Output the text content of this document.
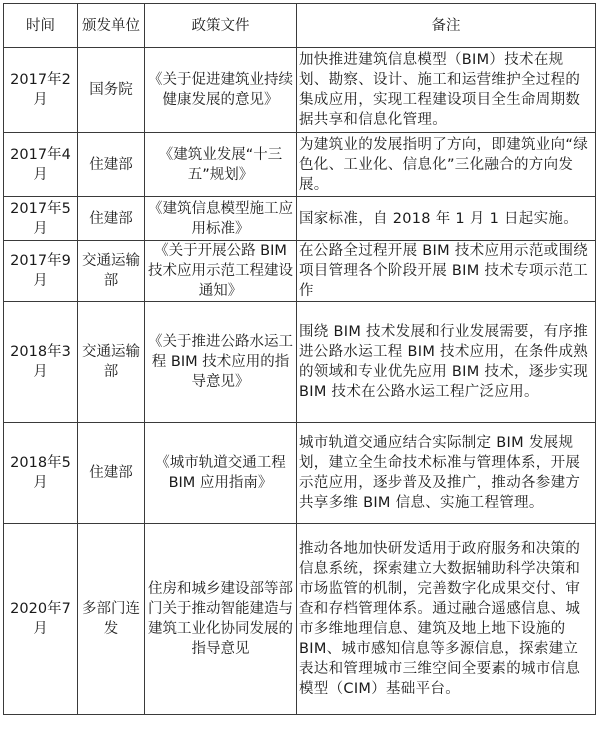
时间	颁发单位	政策文件	备注
2017年2月	国务院	《关于促进建筑业持续健康发展的意见》	加快推进建筑信息模型（BIM）技术在规划、勘察、设计、施工和运营维护全过程的集成应用，实现工程建设项目全生命周期数据共享和信息化管理。
2017年4月	住建部	《建筑业发展“十三五”规划》	为建筑业的发展指明了方向，即建筑业向“绿色化、工业化、信息化”三化融合的方向发展。
2017年5月	住建部	《建筑信息模型施工应用标准》	国家标准，自 2018 年 1 月 1 日起实施。
2017年9月	交通运输部	《关于开展公路 BIM 技术应用示范工程建设通知》	在公路全过程开展 BIM 技术应用示范或围绕项目管理各个阶段开展 BIM 技术专项示范工作
2018年3月	交通运输部	《关于推进公路水运工程 BIM 技术应用的指导意见》	围绕 BIM 技术发展和行业发展需要，有序推进公路水运工程 BIM 技术应用，在条件成熟的领域和专业优先应用 BIM 技术，逐步实现 BIM 技术在公路水运工程广泛应用。
2018年5月	住建部	《城市轨道交通工程 BIM 应用指南》	城市轨道交通应结合实际制定 BIM 发展规划，建立全生命技术标准与管理体系，开展示范应用，逐步普及及推广，推动各参建方共享多维 BIM 信息、实施工程管理。
2020年7月	多部门连发	住房和城乡建设部等部门关于推动智能建造与建筑工业化协同发展的指导意见	推动各地加快研发适用于政府服务和决策的信息系统，探索建立大数据辅助科学决策和市场监管的机制，完善数字化成果交付、审查和存档管理体系。通过融合遥感信息、城市多维地理信息、建筑及地上地下设施的 BIM、城市感知信息等多源信息，探索建立表达和管理城市三维空间全要素的城市信息模型（CIM）基础平台。
